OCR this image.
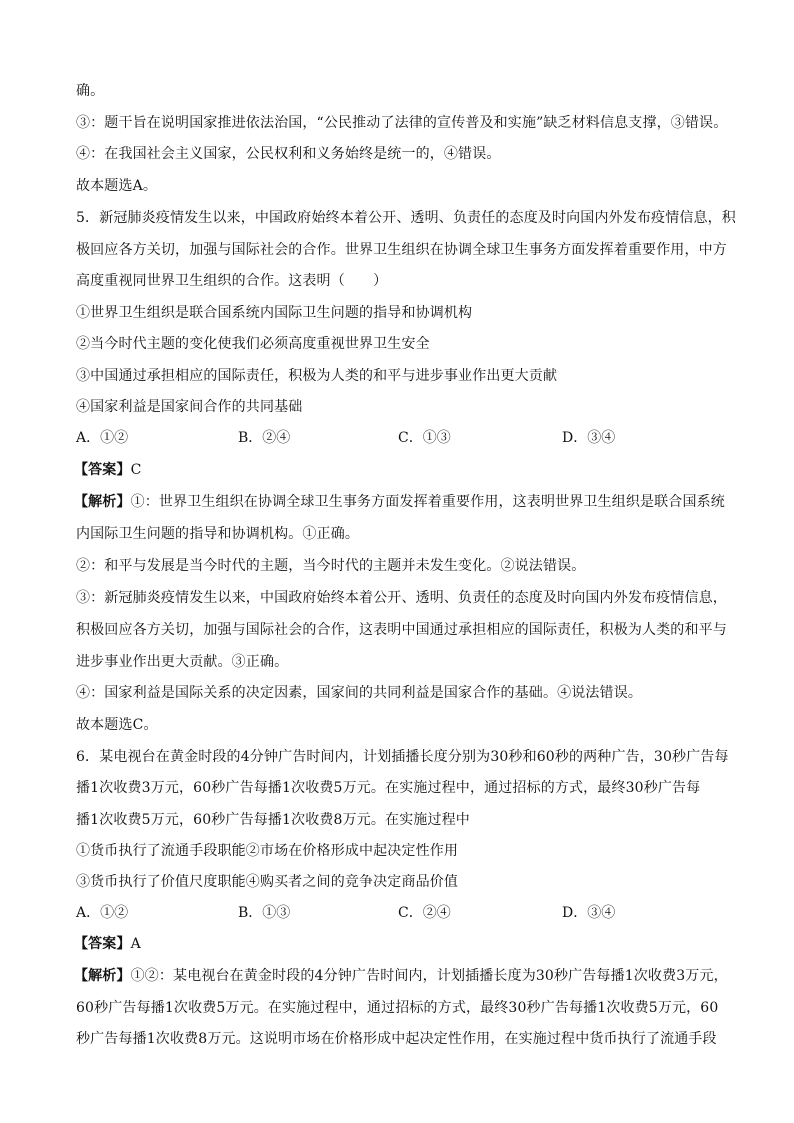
确。
③：题干旨在说明国家推进依法治国，“公民推动了法律的宣传普及和实施”缺乏材料信息支撑，③错误。
④：在我国社会主义国家，公民权利和义务始终是统一的，④错误。
故本题选A。
5．新冠肺炎疫情发生以来，中国政府始终本着公开、透明、负责任的态度及时向国内外发布疫情信息，积
极回应各方关切，加强与国际社会的合作。世界卫生组织在协调全球卫生事务方面发挥着重要作用，中方
高度重视同世界卫生组织的合作。这表明（　　）
①世界卫生组织是联合国系统内国际卫生问题的指导和协调机构
②当今时代主题的变化使我们必须高度重视世界卫生安全
③中国通过承担相应的国际责任，积极为人类的和平与进步事业作出更大贡献
④国家利益是国家间合作的共同基础
A．①②	B．②④	C．①③	D．③④
【答案】C
【解析】①：世界卫生组织在协调全球卫生事务方面发挥着重要作用，这表明世界卫生组织是联合国系统
内国际卫生问题的指导和协调机构。①正确。
②：和平与发展是当今时代的主题，当今时代的主题并未发生变化。②说法错误。
③：新冠肺炎疫情发生以来，中国政府始终本着公开、透明、负责任的态度及时向国内外发布疫情信息，
积极回应各方关切，加强与国际社会的合作，这表明中国通过承担相应的国际责任，积极为人类的和平与
进步事业作出更大贡献。③正确。
④：国家利益是国际关系的决定因素，国家间的共同利益是国家合作的基础。④说法错误。
故本题选C。
6．某电视台在黄金时段的4分钟广告时间内，计划插播长度分别为30秒和60秒的两种广告，30秒广告每
播1次收费3万元，60秒广告每播1次收费5万元。在实施过程中，通过招标的方式，最终30秒广告每
播1次收费5万元，60秒广告每播1次收费8万元。在实施过程中
①货币执行了流通手段职能②市场在价格形成中起决定性作用
③货币执行了价值尺度职能④购买者之间的竞争决定商品价值
A．①②	B．①③	C．②④	D．③④
【答案】A
【解析】①②：某电视台在黄金时段的4分钟广告时间内，计划插播长度为30秒广告每播1次收费3万元，
60秒广告每播1次收费5万元。在实施过程中，通过招标的方式，最终30秒广告每播1次收费5万元，60
秒广告每播1次收费8万元。这说明市场在价格形成中起决定性作用，在实施过程中货币执行了流通手段
